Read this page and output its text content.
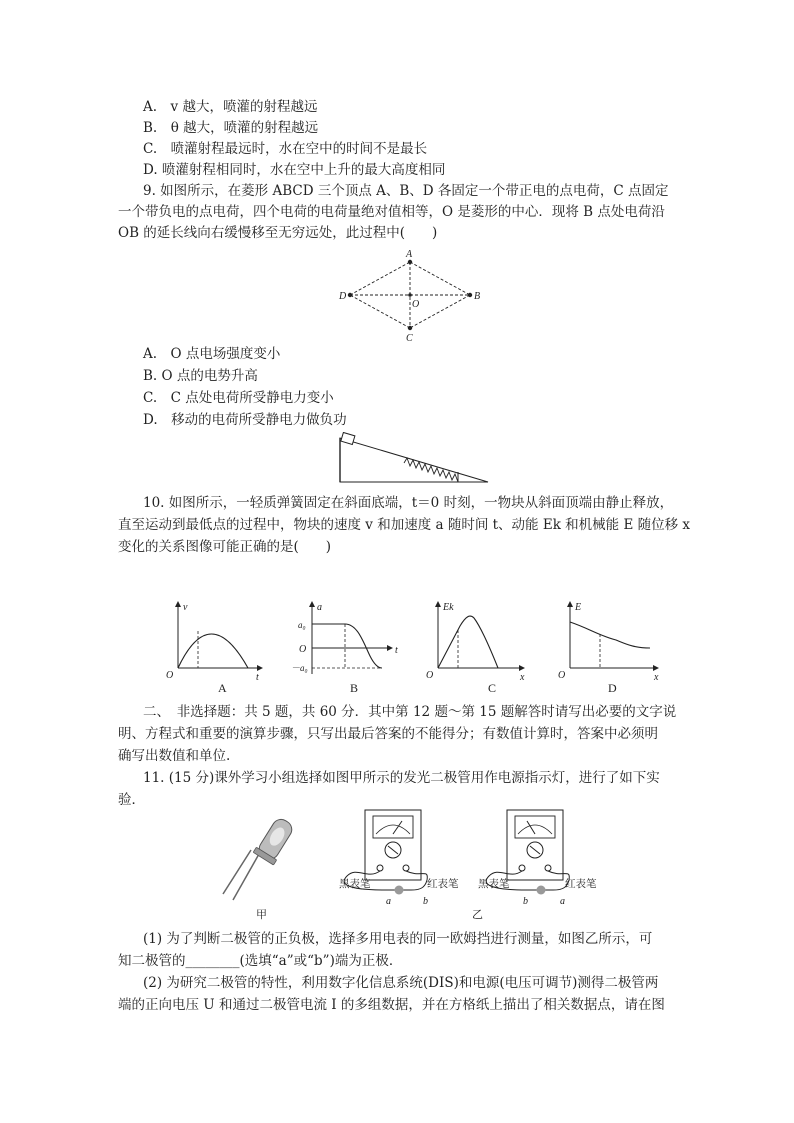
A.　v 越大，喷灌的射程越远
B.　θ 越大，喷灌的射程越远
C.　喷灌射程最远时，水在空中的时间不是最长
D. 喷灌射程相同时，水在空中上升的最大高度相同
9. 如图所示，在菱形 ABCD 三个顶点 A、B、D 各固定一个带正电的点电荷，C 点固定
一个带负电的点电荷，四个电荷的电荷量绝对值相等，O 是菱形的中心．现将 B 点处电荷沿
OB 的延长线向右缓慢移至无穷远处，此过程中(　　)
A
B
C
D
O
A.　O 点电场强度变小
B. O 点的电势升高
C.　C 点处电荷所受静电力变小
D.　移动的电荷所受静电力做负功
10. 如图所示，一轻质弹簧固定在斜面底端，t＝0 时刻，一物块从斜面顶端由静止释放，
直至运动到最低点的过程中，物块的速度 v 和加速度 a 随时间 t、动能 Ek 和机械能 E 随位移 x
变化的关系图像可能正确的是(　　)
v
t
O
A
a
t
a₀
O
－a₀
B
Ek
x
O
C
E
x
O
D
二、　非选择题：共 5 题，共 60 分．其中第 12 题～第 15 题解答时请写出必要的文字说
明、方程式和重要的演算步骤，只写出最后答案的不能得分；有数值计算时，答案中必须明
确写出数值和单位.
11. (15 分)课外学习小组选择如图甲所示的发光二极管用作电源指示灯，进行了如下实
验．
甲
黑表笔	红表笔
a	b
黑表笔	红表笔
b	a
乙
(1) 为了判断二极管的正负极，选择多用电表的同一欧姆挡进行测量，如图乙所示，可
知二极管的________(选填“a”或“b”)端为正极．
(2) 为研究二极管的特性，利用数字化信息系统(DIS)和电源(电压可调节)测得二极管两
端的正向电压 U 和通过二极管电流 I 的多组数据，并在方格纸上描出了相关数据点，请在图
